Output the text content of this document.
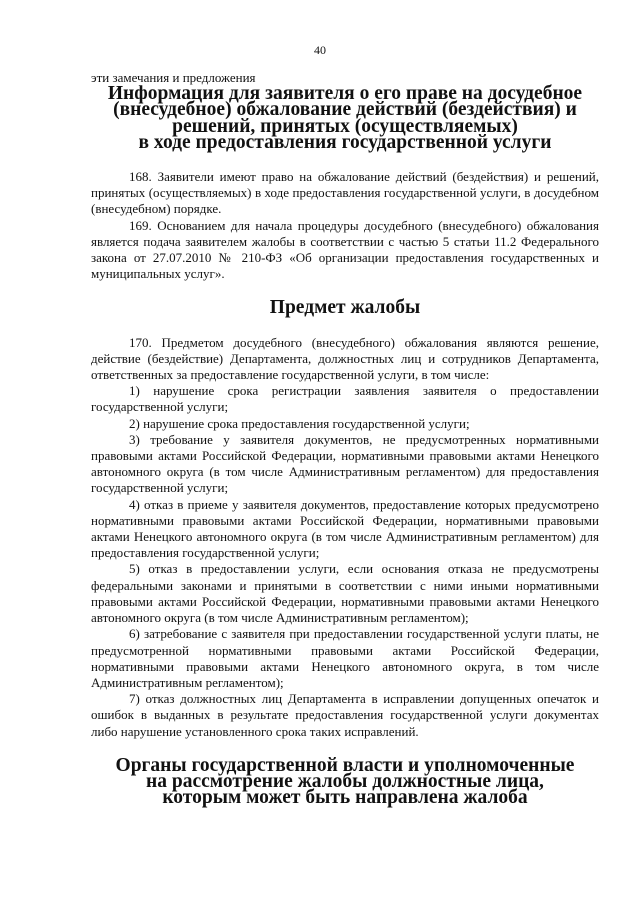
40

эти замечания и предложения

Информация для заявителя о его праве на досудебное
(внесудебное) обжалование действий (бездействия) и
решений, принятых (осуществляемых)
в ходе предоставления государственной услуги

168. Заявители имеют право на обжалование действий (бездействия) и решений, принятых (осуществляемых) в ходе предоставления государственной услуги, в досудебном (внесудебном) порядке.

169. Основанием для начала процедуры досудебного (внесудебного) обжалования является подача заявителем жалобы в соответствии с частью 5 статьи 11.2 Федерального закона от 27.07.2010 № 210-ФЗ «Об организации предоставления государственных и муниципальных услуг».

Предмет жалобы

170. Предметом досудебного (внесудебного) обжалования являются решение, действие (бездействие) Департамента, должностных лиц и сотрудников Департамента, ответственных за предоставление государственной услуги, в том числе:

1) нарушение срока регистрации заявления заявителя о предоставлении государственной услуги;

2) нарушение срока предоставления государственной услуги;

3) требование у заявителя документов, не предусмотренных нормативными правовыми актами Российской Федерации, нормативными правовыми актами Ненецкого автономного округа (в том числе Административным регламентом) для предоставления государственной услуги;

4) отказ в приеме у заявителя документов, предоставление которых предусмотрено нормативными правовыми актами Российской Федерации, нормативными правовыми актами Ненецкого автономного округа (в том числе Административным регламентом) для предоставления государственной услуги;

5) отказ в предоставлении услуги, если основания отказа не предусмотрены федеральными законами и принятыми в соответствии с ними иными нормативными правовыми актами Российской Федерации, нормативными правовыми актами Ненецкого автономного округа (в том числе Административным регламентом);

6) затребование с заявителя при предоставлении государственной услуги платы, не предусмотренной нормативными правовыми актами Российской Федерации, нормативными правовыми актами Ненецкого автономного округа, в том числе Административным регламентом);

7) отказ должностных лиц Департамента в исправлении допущенных опечаток и ошибок в выданных в результате предоставления государственной услуги документах либо нарушение установленного срока таких исправлений.

Органы государственной власти и уполномоченные
на рассмотрение жалобы должностные лица,
которым может быть направлена жалоба
